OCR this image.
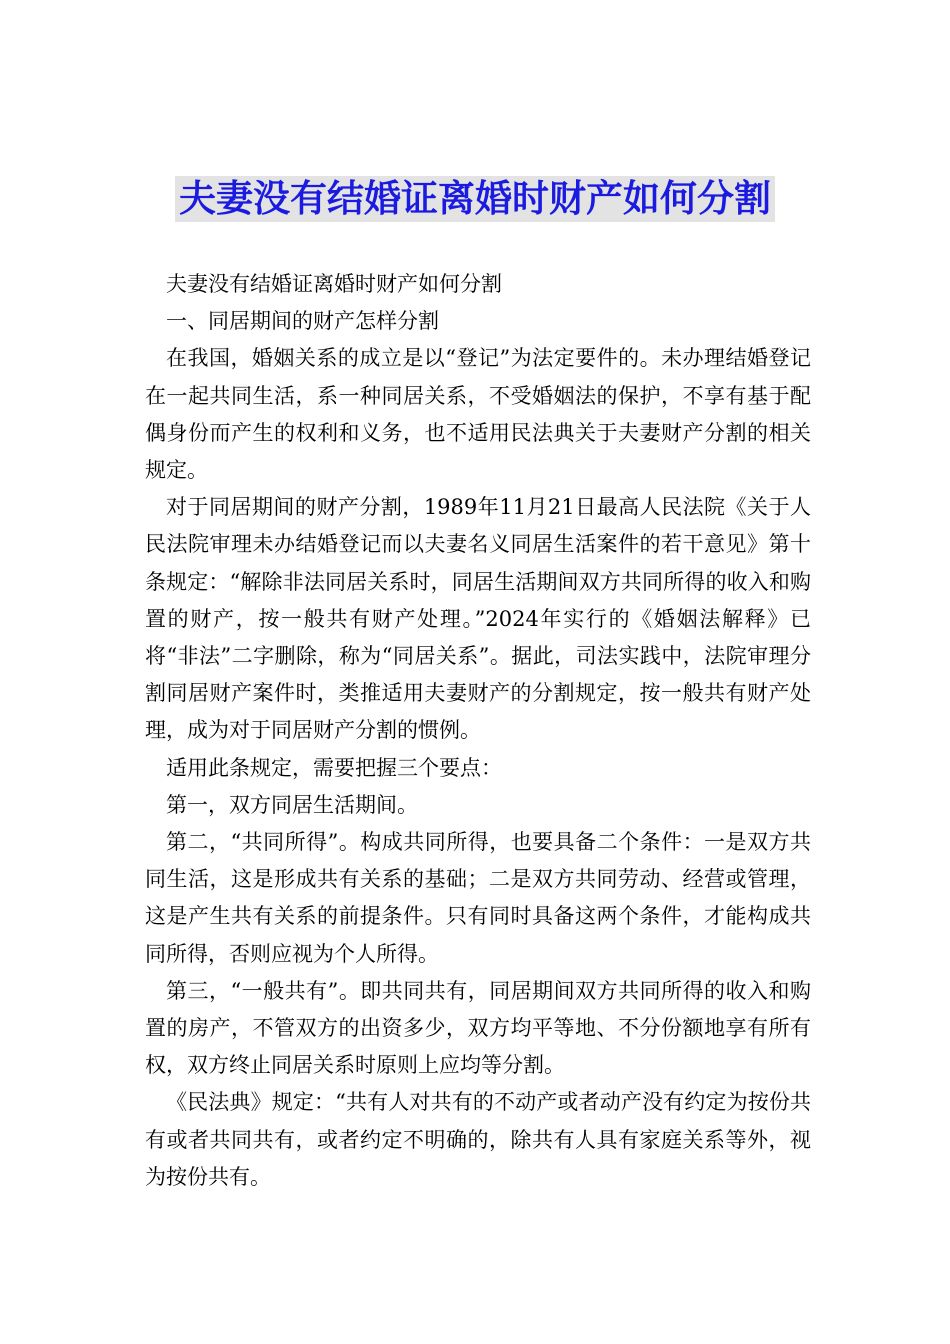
夫妻没有结婚证离婚时财产如何分割

夫妻没有结婚证离婚时财产如何分割

一、同居期间的财产怎样分割

在我国，婚姻关系的成立是以“登记”为法定要件的。未办理结婚登记在一起共同生活，系一种同居关系，不受婚姻法的保护，不享有基于配偶身份而产生的权利和义务，也不适用民法典关于夫妻财产分割的相关规定。

对于同居期间的财产分割，1989年11月21日最高人民法院《关于人民法院审理未办结婚登记而以夫妻名义同居生活案件的若干意见》第十条规定：“解除非法同居关系时，同居生活期间双方共同所得的收入和购置的财产，按一般共有财产处理。”2024年实行的《婚姻法解释》已将“非法”二字删除，称为“同居关系”。据此，司法实践中，法院审理分割同居财产案件时，类推适用夫妻财产的分割规定，按一般共有财产处理，成为对于同居财产分割的惯例。

适用此条规定，需要把握三个要点：

第一，双方同居生活期间。

第二，“共同所得”。构成共同所得，也要具备二个条件：一是双方共同生活，这是形成共有关系的基础；二是双方共同劳动、经营或管理，这是产生共有关系的前提条件。只有同时具备这两个条件，才能构成共同所得，否则应视为个人所得。

第三，“一般共有”。即共同共有，同居期间双方共同所得的收入和购置的房产，不管双方的出资多少，双方均平等地、不分份额地享有所有权，双方终止同居关系时原则上应均等分割。

《民法典》规定：“共有人对共有的不动产或者动产没有约定为按份共有或者共同共有，或者约定不明确的，除共有人具有家庭关系等外，视为按份共有。
